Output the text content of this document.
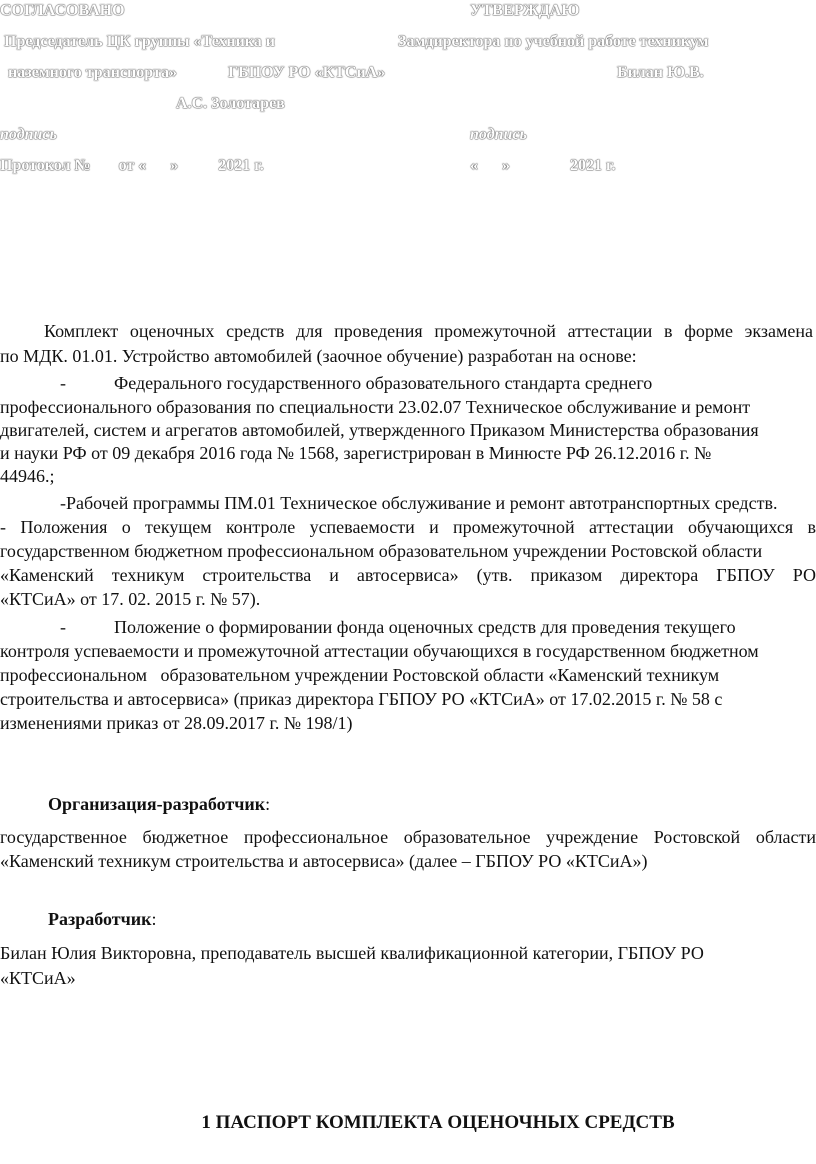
СОГЛАСОВАНО	УТВЕРЖДАЮ
Председатель ЦК группы «Техника и	Замдиректора по учебной работе техникум
наземного транспорта»	ГБПОУ РО «КТСиА»	Билан Ю.В.
А.С. Золотарев
подпись	подпись
Протокол №       от «      »          2021 г.	«      »               2021 г.
Комплект оценочных средств для проведения промежуточной аттестации в форме экзамена
по МДК. 01.01. Устройство автомобилей (заочное обучение) разработан на основе:
-	Федерального государственного образовательного стандарта среднего
профессионального образования по специальности 23.02.07 Техническое обслуживание и ремонт
двигателей, систем и агрегатов автомобилей, утвержденного Приказом Министерства образования
и науки РФ от 09 декабря 2016 года № 1568, зарегистрирован в Минюсте РФ 26.12.2016 г. №
44946.;
-Рабочей программы ПМ.01 Техническое обслуживание и ремонт автотранспортных средств.
- Положения о текущем контроле успеваемости и промежуточной аттестации обучающихся в
государственном бюджетном профессиональном образовательном учреждении Ростовской области
«Каменский техникум строительства и автосервиса» (утв. приказом директора ГБПОУ РО
«КТСиА» от 17. 02. 2015 г. № 57).
-	Положение о формировании фонда оценочных средств для проведения текущего
контроля успеваемости и промежуточной аттестации обучающихся в государственном бюджетном
профессиональном   образовательном учреждении Ростовской области «Каменский техникум
строительства и автосервиса» (приказ директора ГБПОУ РО «КТСиА» от 17.02.2015 г. № 58 с
изменениями приказ от 28.09.2017 г. № 198/1)
Организация-разработчик:
государственное бюджетное профессиональное образовательное учреждение Ростовской области
«Каменский техникум строительства и автосервиса» (далее – ГБПОУ РО «КТСиА»)
Разработчик:
Билан Юлия Викторовна, преподаватель высшей квалификационной категории, ГБПОУ РО
«КТСиА»
1 ПАСПОРТ КОМПЛЕКТА ОЦЕНОЧНЫХ СРЕДСТВ
